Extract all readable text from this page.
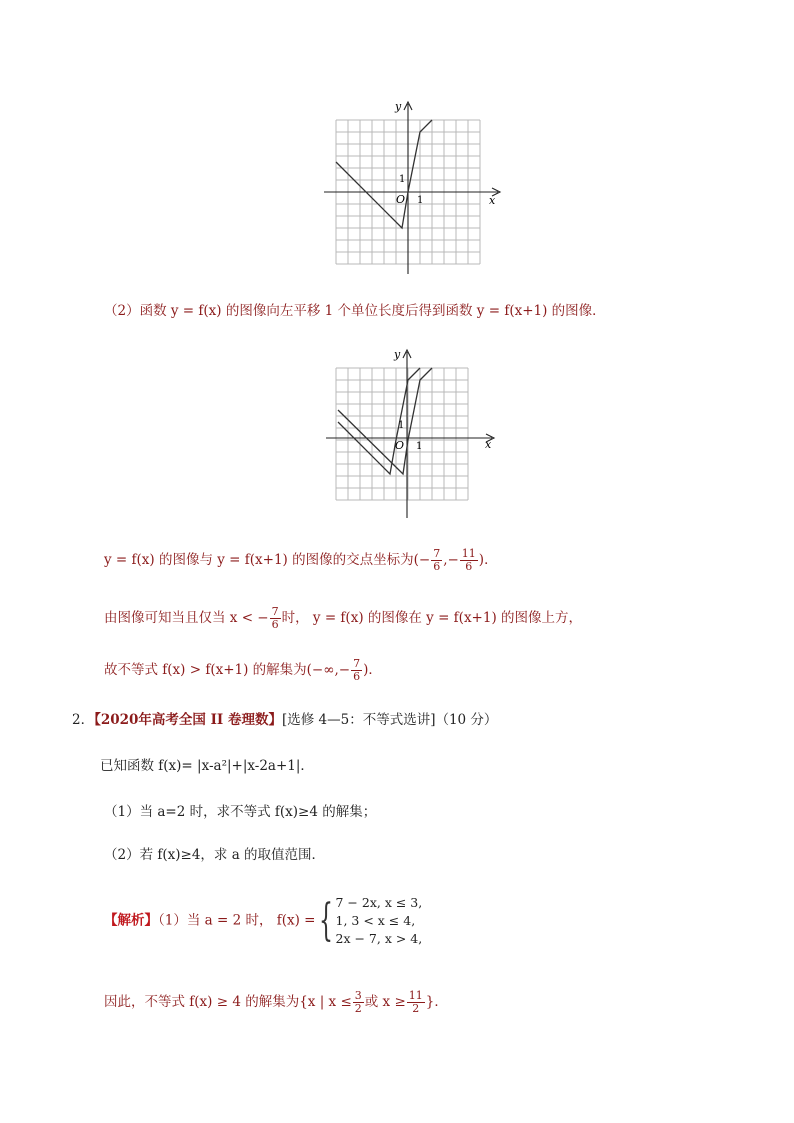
y
x
O 1
1
（2）函数 y = f(x) 的图像向左平移 1 个单位长度后得到函数 y = f(x+1) 的图像．
y
x
O 1
1
y = f(x) 的图像与 y = f(x+1) 的图像的交点坐标为(− $\frac{7}{6}$ ,− $\frac{11}{6}$ )．
由图像可知当且仅当 x < − $\frac{7}{6}$ 时， y = f(x) 的图像在 y = f(x+1) 的图像上方，
故不等式 f(x) > f(x+1) 的解集为(−∞,− $\frac{7}{6}$ )．
2．【2020年高考全国 II 卷理数】[选修 4—5：不等式选讲]（10 分）
已知函数 f(x)= |x-a²|+|x-2a+1|．
（1）当 a=2 时，求不等式 f(x)≥4 的解集；
（2）若 f(x)≥4，求 a 的取值范围．
【解析】（1）当 a = 2 时， f(x) ={ 7 − 2x, x ≤ 3,
1, 3 < x ≤ 4,
2x − 7, x > 4,
因此，不等式 f(x) ≥ 4 的解集为{x | $x \le \frac{3}{2}$ 或 $x \ge \frac{11}{2}$ }．
